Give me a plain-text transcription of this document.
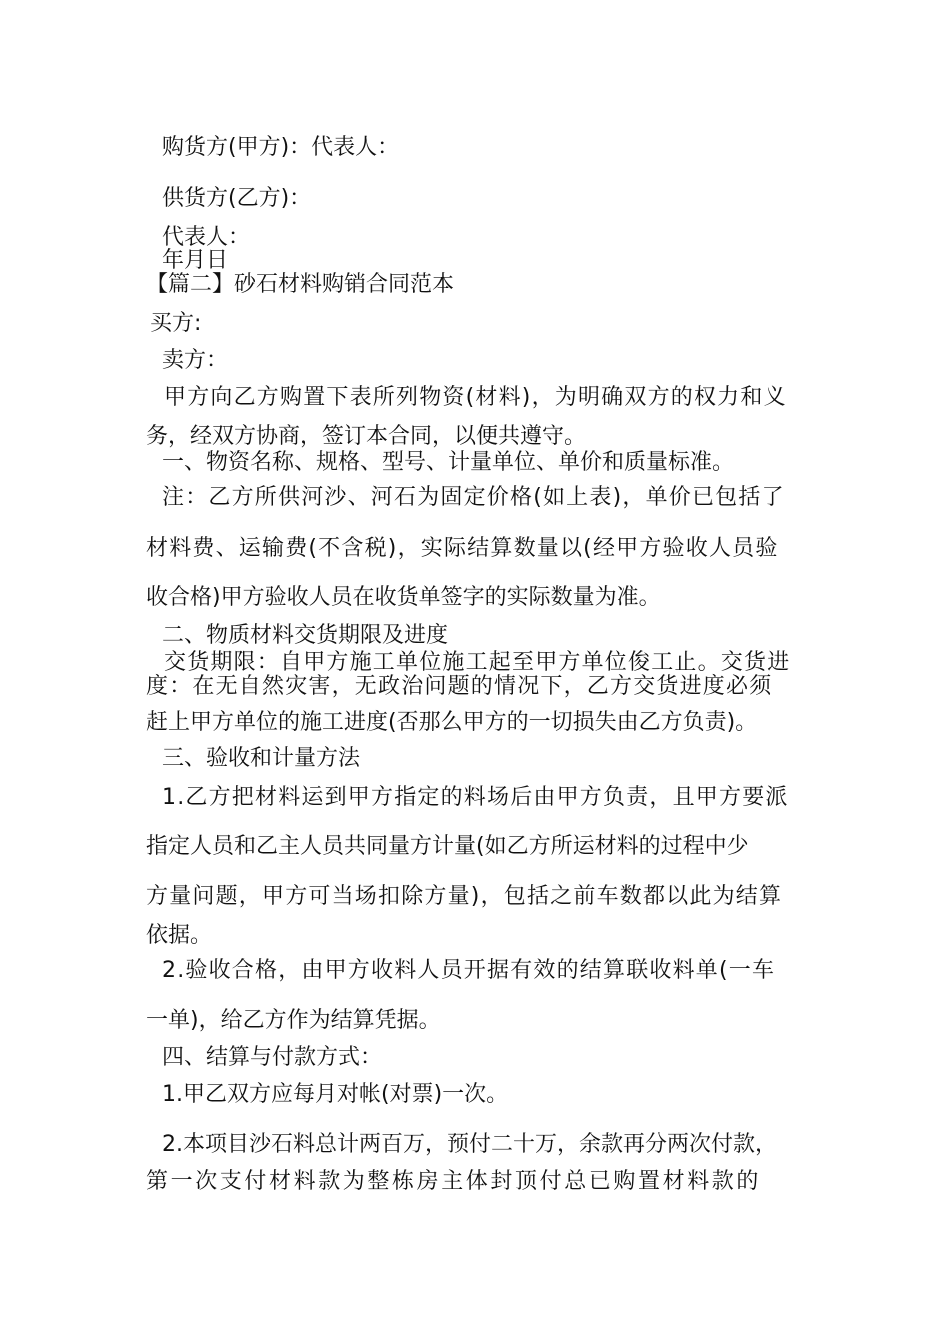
购货方(甲方)：代表人：
供货方(乙方)：
代表人：
年月日
【篇二】砂石材料购销合同范本
买方:
卖方：
甲方向乙方购置下表所列物资(材料)，为明确双方的权力和义
务，经双方协商，签订本合同，以便共遵守。
一、物资名称、规格、型号、计量单位、单价和质量标准。
注：乙方所供河沙、河石为固定价格(如上表)，单价已包括了
材料费、运输费(不含税)，实际结算数量以(经甲方验收人员验
收合格)甲方验收人员在收货单签字的实际数量为准。
二、物质材料交货期限及进度
交货期限：自甲方施工单位施工起至甲方单位俊工止。交货进
度：在无自然灾害，无政治问题的情况下，乙方交货进度必须
赶上甲方单位的施工进度(否那么甲方的一切损失由乙方负责)。
三、验收和计量方法
1.乙方把材料运到甲方指定的料场后由甲方负责，且甲方要派
指定人员和乙主人员共同量方计量(如乙方所运材料的过程中少
方量问题，甲方可当场扣除方量)，包括之前车数都以此为结算
依据。
2.验收合格，由甲方收料人员开据有效的结算联收料单(一车
一单)，给乙方作为结算凭据。
四、结算与付款方式：
1.甲乙双方应每月对帐(对票)一次。
2.本项目沙石料总计两百万，预付二十万，余款再分两次付款，
第一次支付材料款为整栋房主体封顶付总已购置材料款的
